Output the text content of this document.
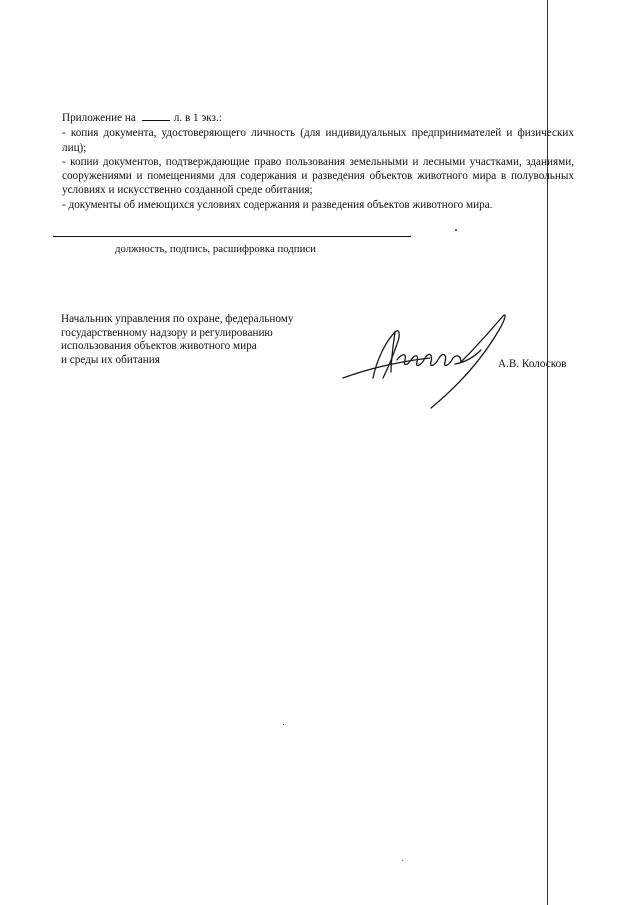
Приложение на	л. в 1 экз.:

- копия документа, удостоверяющего личность (для индивидуальных предпринимателей и физических лиц);

- копии документов, подтверждающие право пользования земельными и лесными участками, зданиями, сооружениями и помещениями для содержания и разведения объектов животного мира в полувольных условиях и искусственно созданной среде обитания;

- документы об имеющихся условиях содержания и разведения объектов животного мира.

должность, подпись, расшифровка подписи
Начальник управления по охране, федеральному
государственному надзору и регулированию
использования объектов животного мира
и среды их обитания	А.В. Колосков
